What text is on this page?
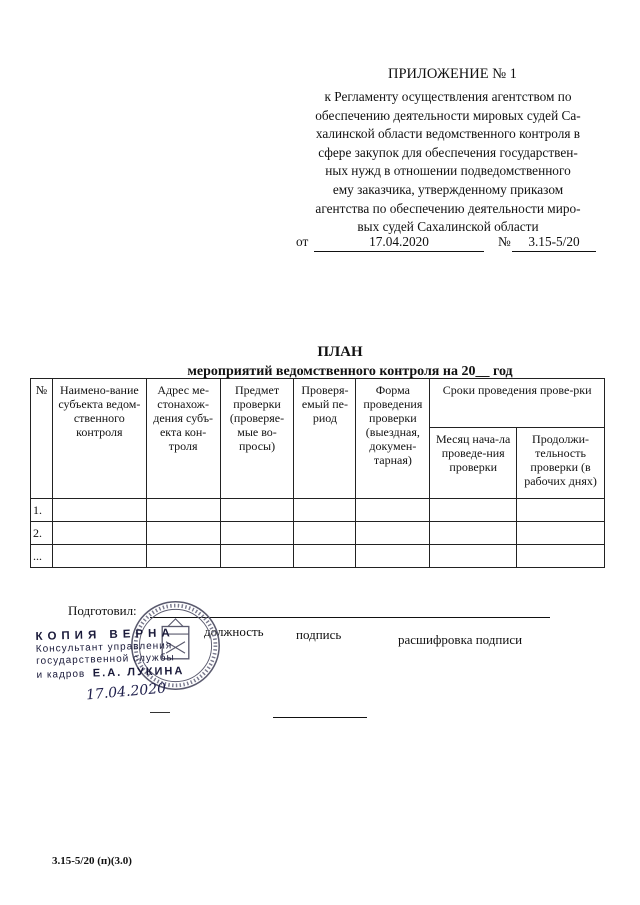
ПРИЛОЖЕНИЕ № 1
к Регламенту осуществления агентством по
обеспечению деятельности мировых судей Са-
халинской области ведомственного контроля в
сфере закупок для обеспечения государствен-
ных нужд в отношении подведомственного
ему заказчика, утвержденному приказом
агентства по обеспечению деятельности миро-
вых судей Сахалинской области
от	17.04.2020	№	3.15-5/20
ПЛАН
мероприятий ведомственного контроля на 20__ год
№	Наимено-вание субъекта ведом-ственного контроля	Адрес ме-стонахож-дения субъ-екта кон-троля	Предмет проверки (проверяе-мые во-просы)	Проверя-емый пе-риод	Форма проведения проверки (выездная, докумен-тарная)	Сроки проведения прове-рки	
						Месяц нача-ла проведе-ния проверки	Продолжи-тельность проверки (в рабочих днях)
1.							
2.							
...							
Подготовил:
должность подпись	расшифровка подписи
КОПИЯ ВЕРНА
Консультант управления
государственной службы
и кадров Е.А. ЛУКИНА
17.04.2020
3.15-5/20 (п)(3.0)
